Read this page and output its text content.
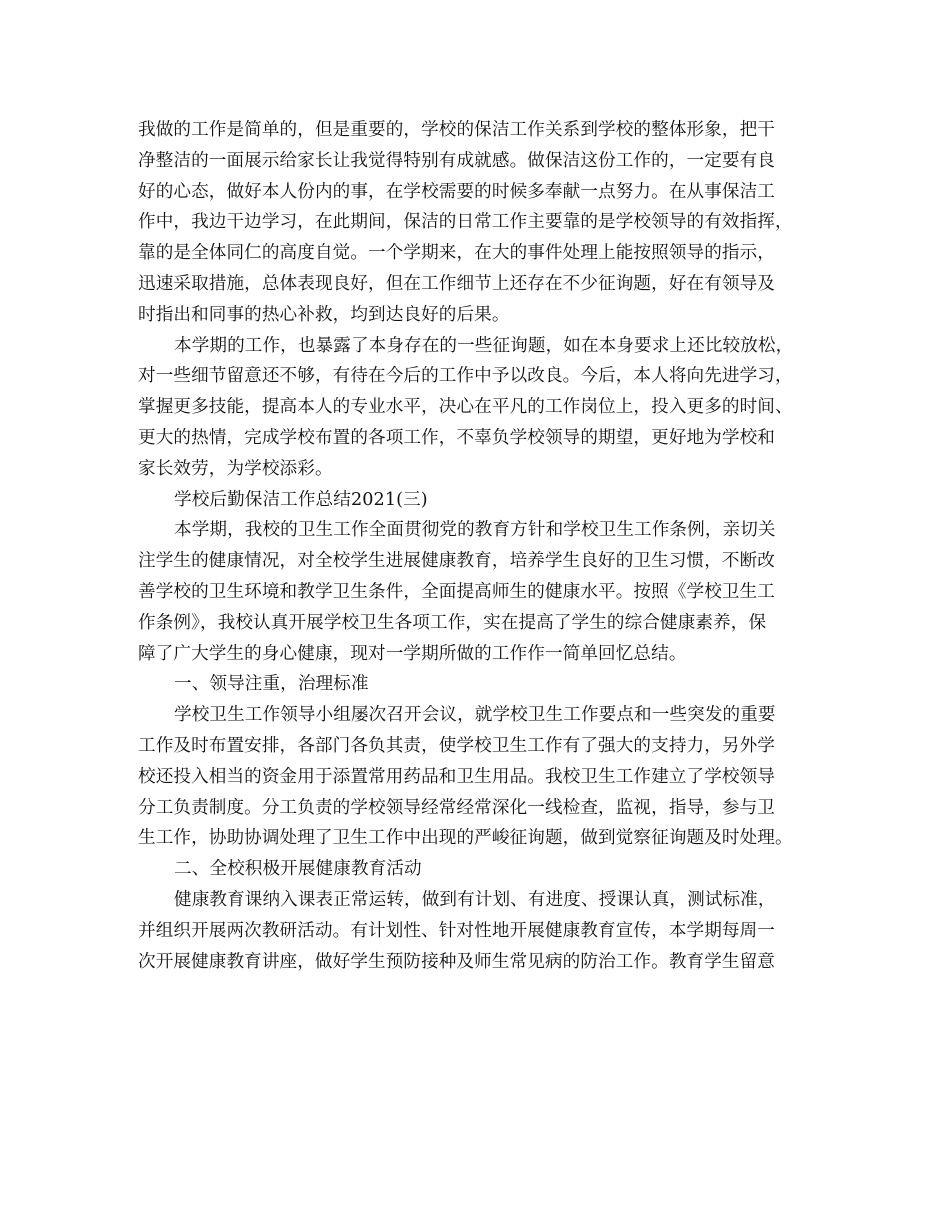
我做的工作是简单的，但是重要的，学校的保洁工作关系到学校的整体形象，把干
净整洁的一面展示给家长让我觉得特别有成就感。做保洁这份工作的，一定要有良
好的心态，做好本人份内的事，在学校需要的时候多奉献一点努力。在从事保洁工
作中，我边干边学习，在此期间，保洁的日常工作主要靠的是学校领导的有效指挥，
靠的是全体同仁的高度自觉。一个学期来，在大的事件处理上能按照领导的指示，
迅速采取措施，总体表现良好，但在工作细节上还存在不少征询题，好在有领导及
时指出和同事的热心补救，均到达良好的后果。
本学期的工作，也暴露了本身存在的一些征询题，如在本身要求上还比较放松，
对一些细节留意还不够，有待在今后的工作中予以改良。今后，本人将向先进学习，
掌握更多技能，提高本人的专业水平，决心在平凡的工作岗位上，投入更多的时间、
更大的热情，完成学校布置的各项工作，不辜负学校领导的期望，更好地为学校和
家长效劳，为学校添彩。
学校后勤保洁工作总结2021(三)
本学期，我校的卫生工作全面贯彻党的教育方针和学校卫生工作条例，亲切关
注学生的健康情况，对全校学生进展健康教育，培养学生良好的卫生习惯，不断改
善学校的卫生环境和教学卫生条件，全面提高师生的健康水平。按照《学校卫生工
作条例》，我校认真开展学校卫生各项工作，实在提高了学生的综合健康素养，保
障了广大学生的身心健康，现对一学期所做的工作作一简单回忆总结。
一、领导注重，治理标准
学校卫生工作领导小组屡次召开会议，就学校卫生工作要点和一些突发的重要
工作及时布置安排，各部门各负其责，使学校卫生工作有了强大的支持力，另外学
校还投入相当的资金用于添置常用药品和卫生用品。我校卫生工作建立了学校领导
分工负责制度。分工负责的学校领导经常经常深化一线检查，监视，指导，参与卫
生工作，协助协调处理了卫生工作中出现的严峻征询题，做到觉察征询题及时处理。
二、全校积极开展健康教育活动
健康教育课纳入课表正常运转，做到有计划、有进度、授课认真，测试标准，
并组织开展两次教研活动。有计划性、针对性地开展健康教育宣传，本学期每周一
次开展健康教育讲座，做好学生预防接种及师生常见病的防治工作。教育学生留意
